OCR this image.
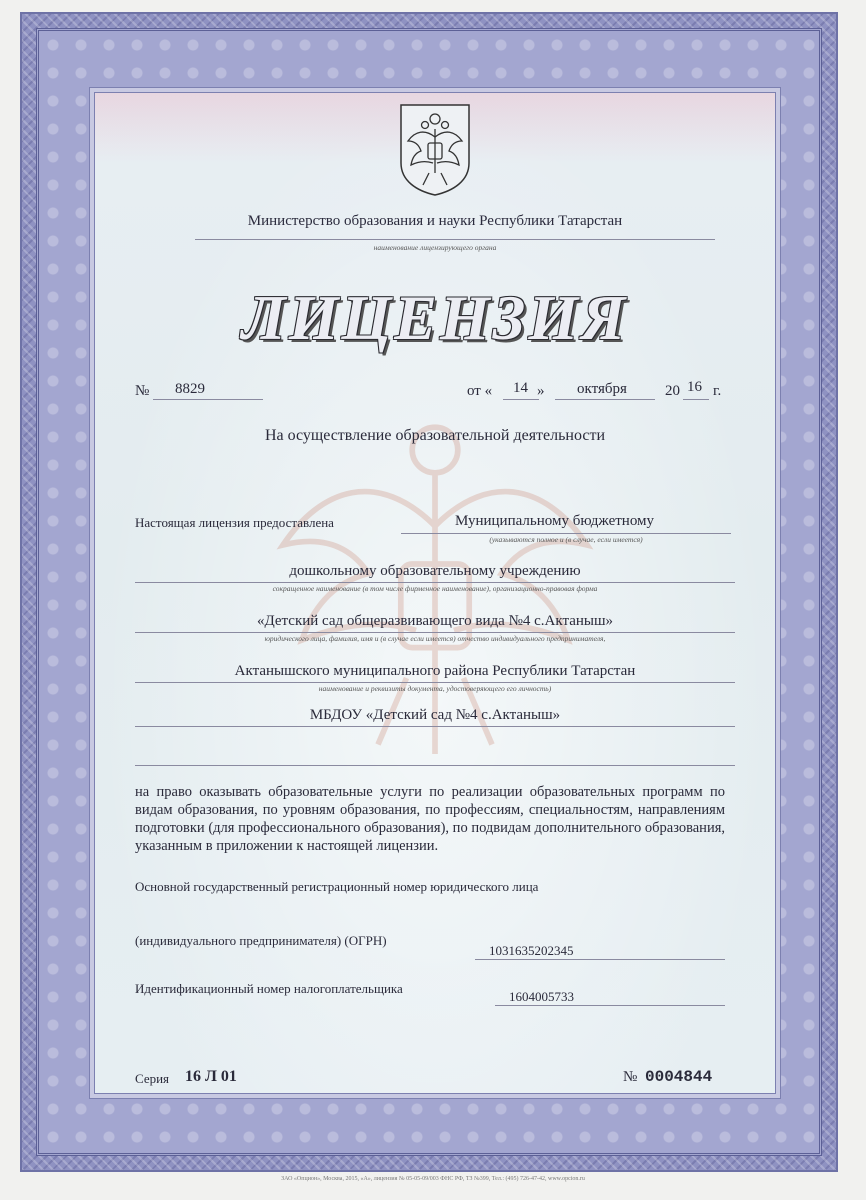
Министерство образования и науки Республики Татарстан
наименование лицензирующего органа
ЛИЦЕНЗИЯ
№ 8829	от « 14 » октября	20 16 г.
На осуществление образовательной деятельности
Настоящая лицензия предоставлена	Муниципальному бюджетному
(указываются полное и (в случае, если имеется)
дошкольному образовательному учреждению
сокращенное наименование (в том числе фирменное наименование), организационно-правовая форма
«Детский сад общеразвивающего вида №4 с.Актаныш»
юридического лица, фамилия, имя и (в случае если имеется) отчество индивидуального предпринимателя,
Актанышского муниципального района Республики Татарстан
наименование и реквизиты документа, удостоверяющего его личность)
МБДОУ «Детский сад №4 с.Актаныш»
на право оказывать образовательные услуги по реализации образовательных программ по видам образования, по уровням образования, по профессиям, специальностям, направлениям подготовки (для профессионального образования), по подвидам дополнительного образования, указанным в приложении к настоящей лицензии.
Основной государственный регистрационный номер юридического лица
(индивидуального предпринимателя) (ОГРН)
1031635202345
Идентификационный номер налогоплательщика
1604005733
Серия 16 Л 01	№ 0004844
ЗАО «Опцион», Москва, 2015, «А», лицензия № 05-05-09/003 ФНС РФ, ТЗ №399, Тел.: (495) 726-47-42, www.opcion.ru
